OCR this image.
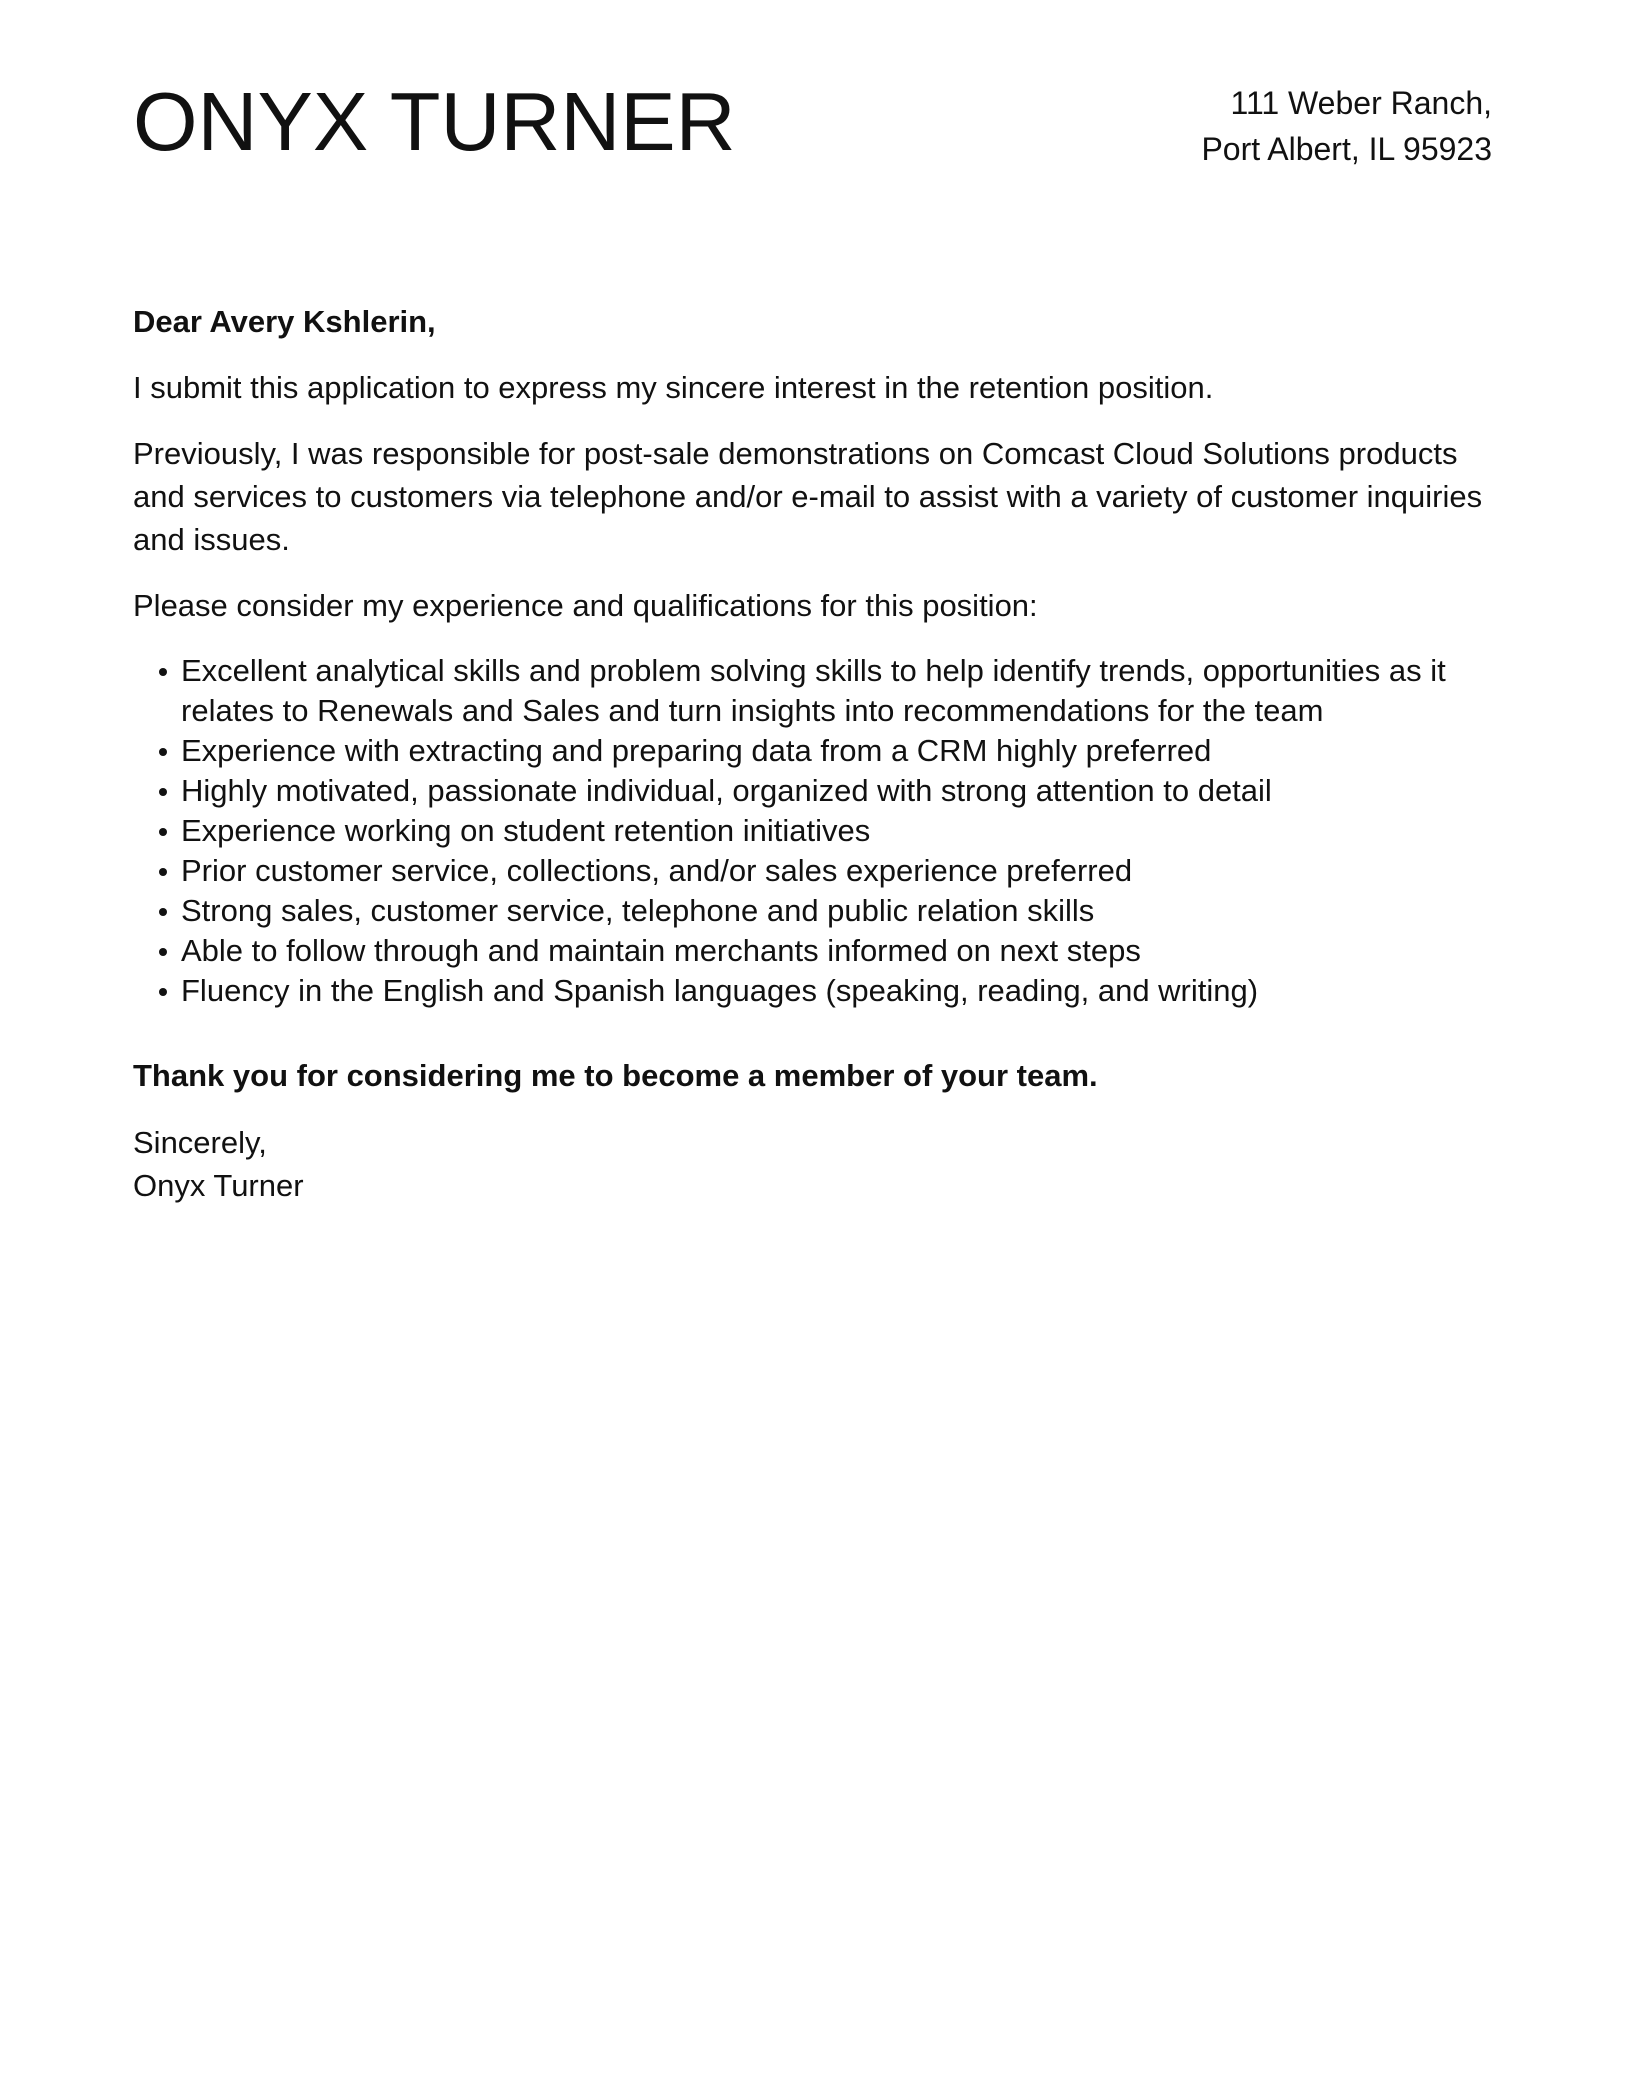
ONYX TURNER	111 Weber Ranch,
Port Albert, IL 95923

Dear Avery Kshlerin,

I submit this application to express my sincere interest in the retention position.

Previously, I was responsible for post-sale demonstrations on Comcast Cloud Solutions products and services to customers via telephone and/or e-mail to assist with a variety of customer inquiries and issues.

Please consider my experience and qualifications for this position:

Excellent analytical skills and problem solving skills to help identify trends, opportunities as it relates to Renewals and Sales and turn insights into recommendations for the team
Experience with extracting and preparing data from a CRM highly preferred
Highly motivated, passionate individual, organized with strong attention to detail
Experience working on student retention initiatives
Prior customer service, collections, and/or sales experience preferred
Strong sales, customer service, telephone and public relation skills
Able to follow through and maintain merchants informed on next steps
Fluency in the English and Spanish languages (speaking, reading, and writing)

Thank you for considering me to become a member of your team.

Sincerely,
Onyx Turner
